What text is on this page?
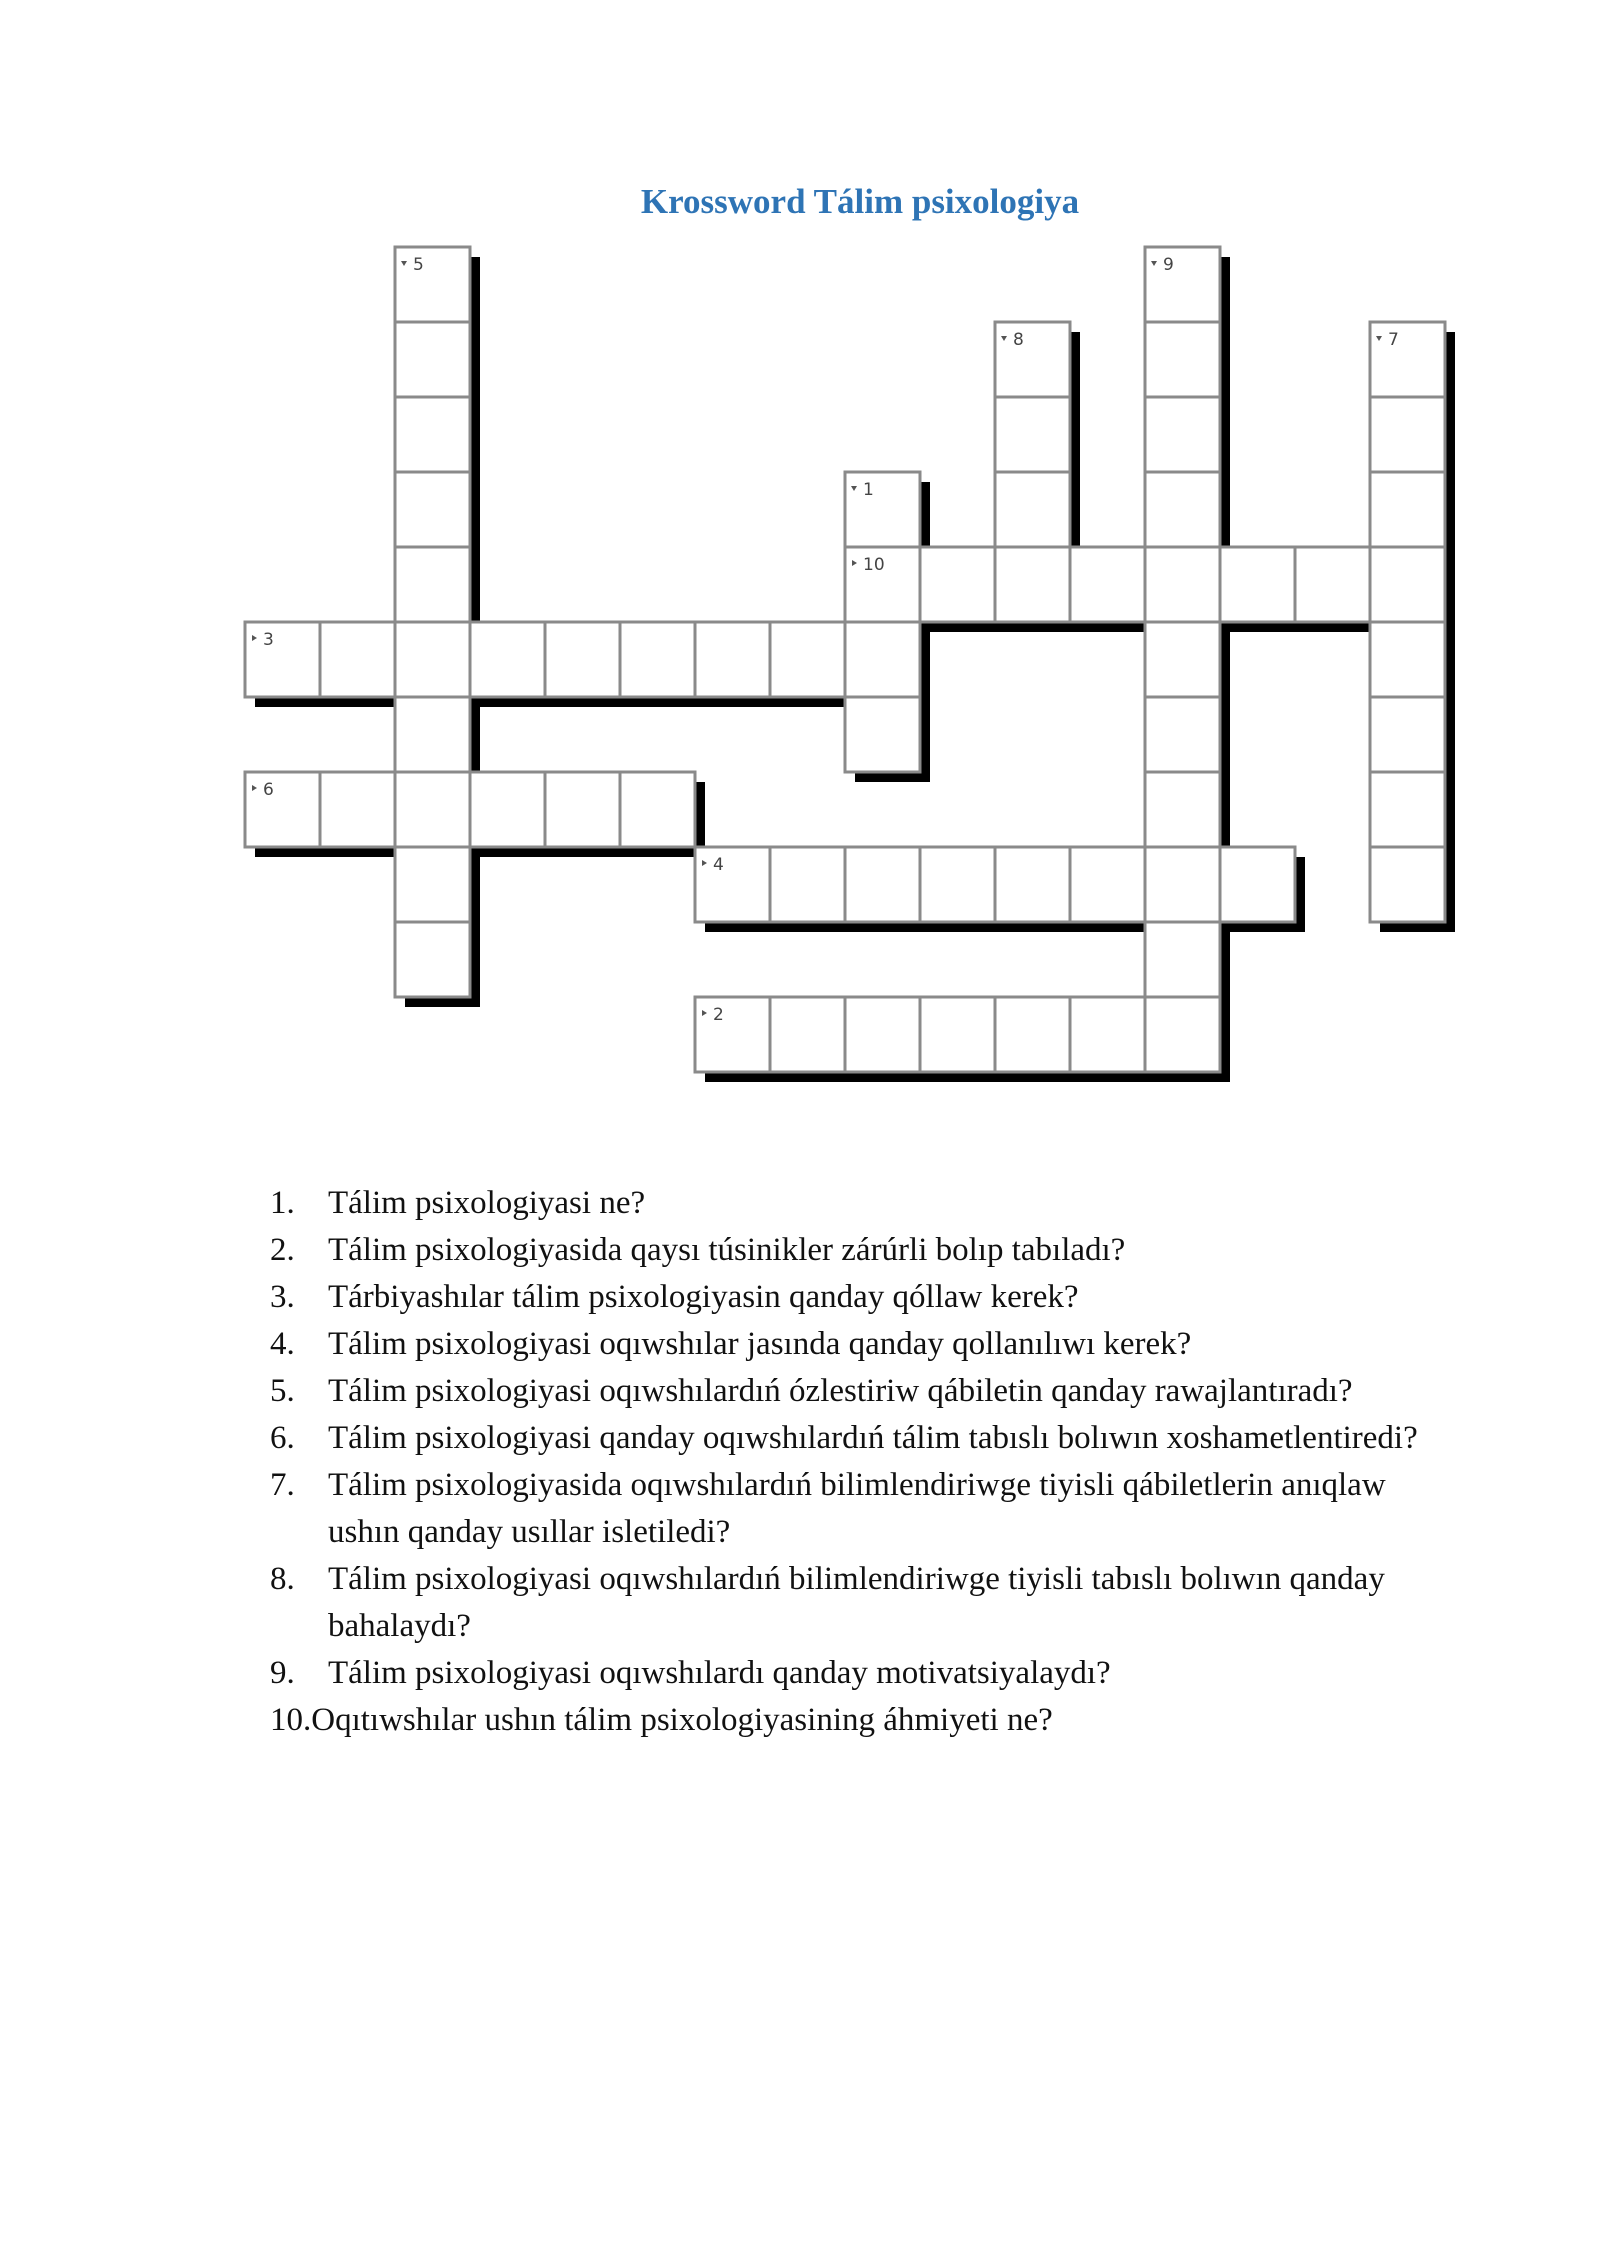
Krossword Tálim psixologiya
1
2
3
4
5
6
7
8
9
10
1.	Tálim psixologiyasi ne?
2.	Tálim psixologiyasida qaysı túsinikler zárúrli bolıp tabıladı?
3.	Tárbiyashılar tálim psixologiyasin qanday qóllaw kerek?
4.	Tálim psixologiyasi oqıwshılar jasında qanday qollanılıwı kerek?
5.	Tálim psixologiyasi oqıwshılardıń ózlestiriw qábiletin qanday rawajlantıradı?
6.	Tálim psixologiyasi qanday oqıwshılardıń tálim tabıslı bolıwın xoshametlentiredi?
7.	Tálim psixologiyasida oqıwshılardıń bilimlendiriwge tiyisli qábiletlerin anıqlaw ushın qanday usıllar isletiledi?
8.	Tálim psixologiyasi oqıwshılardıń bilimlendiriwge tiyisli tabıslı bolıwın qanday bahalaydı?
9.	Tálim psixologiyasi oqıwshılardı qanday motivatsiyalaydı?
10.Oqıtıwshılar ushın tálim psixologiyasining áhmiyeti ne?
